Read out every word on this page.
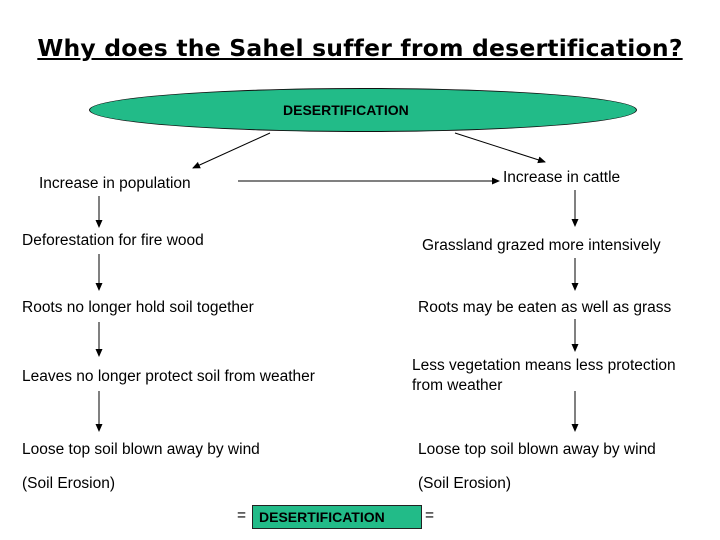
Why does the Sahel suffer from desertification?
DESERTIFICATION
Increase in population
Deforestation for fire wood
Roots no longer hold soil together
Leaves no longer protect soil from weather
Loose top soil blown away by wind
(Soil Erosion)
Increase in cattle
Grassland grazed more intensively
Roots may be eaten as well as grass
Less vegetation means less protection
from weather
Loose top soil blown away by wind
(Soil Erosion)
= DESERTIFICATION	=
